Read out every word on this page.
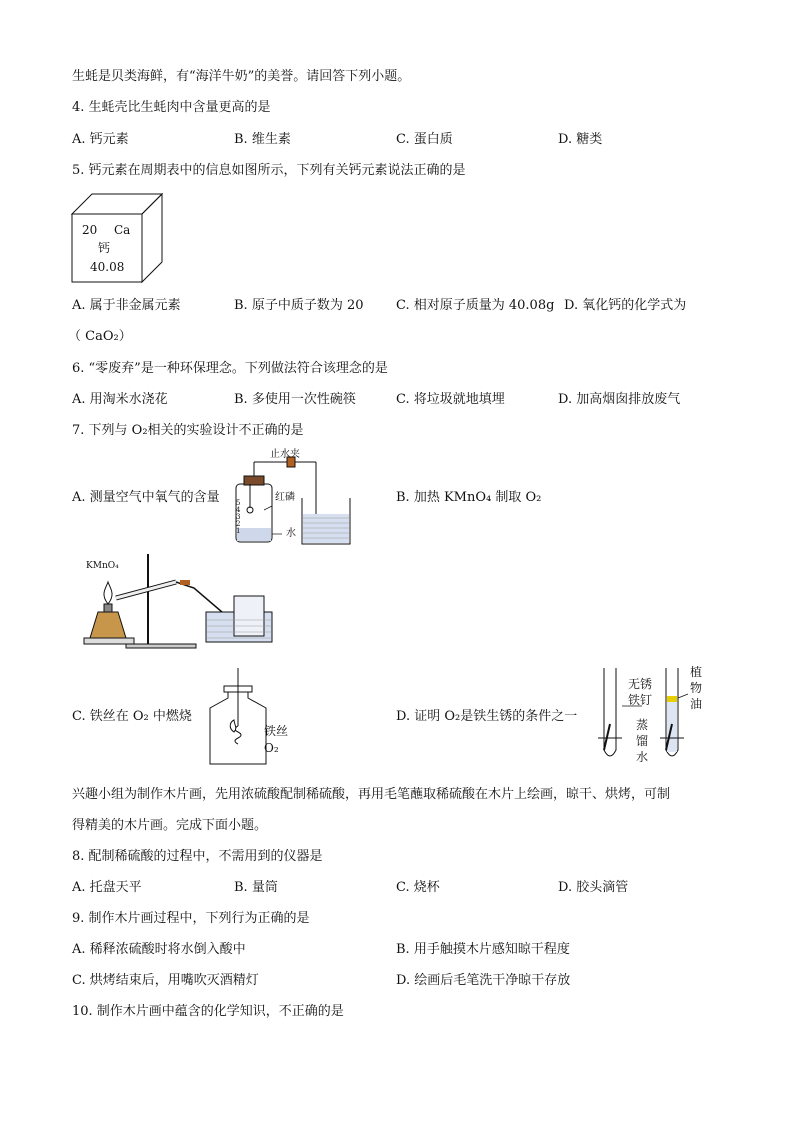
生蚝是贝类海鲜，有“海洋牛奶”的美誉。请回答下列小题。
4. 生蚝壳比生蚝肉中含量更高的是
A. 钙元素	B. 维生素	C. 蛋白质	D. 糖类
5. 钙元素在周期表中的信息如图所示，下列有关钙元素说法正确的是
20 Ca
钙
40.08
A. 属于非金属元素	B. 原子中质子数为 20	C. 相对原子质量为 40.08g D. 氧化钙的化学式为
（ CaO₂）
6. “零废弃”是一种环保理念。下列做法符合该理念的是
A. 用淘米水浇花	B. 多使用一次性碗筷	C. 将垃圾就地填埋	D. 加高烟囱排放废气
7. 下列与 O₂相关的实验设计不正确的是
A. 测量空气中氧气的含量
止水夹
红磷
水
5
4
3
2
1
B. 加热 KMnO₄ 制取 O₂
KMnO₄
C. 铁丝在 O₂ 中燃烧
铁丝
O₂
D. 证明 O₂是铁生锈的条件之一
无锈铁钉
植物油
蒸馏水
兴趣小组为制作木片画，先用浓硫酸配制稀硫酸，再用毛笔蘸取稀硫酸在木片上绘画，晾干、烘烤，可制
得精美的木片画。完成下面小题。
8. 配制稀硫酸的过程中，不需用到的仪器是
A. 托盘天平	B. 量筒	C. 烧杯	D. 胶头滴管
9. 制作木片画过程中，下列行为正确的是
A. 稀释浓硫酸时将水倒入酸中	B. 用手触摸木片感知晾干程度
C. 烘烤结束后，用嘴吹灭酒精灯	D. 绘画后毛笔洗干净晾干存放
10. 制作木片画中蕴含的化学知识，不正确的是
